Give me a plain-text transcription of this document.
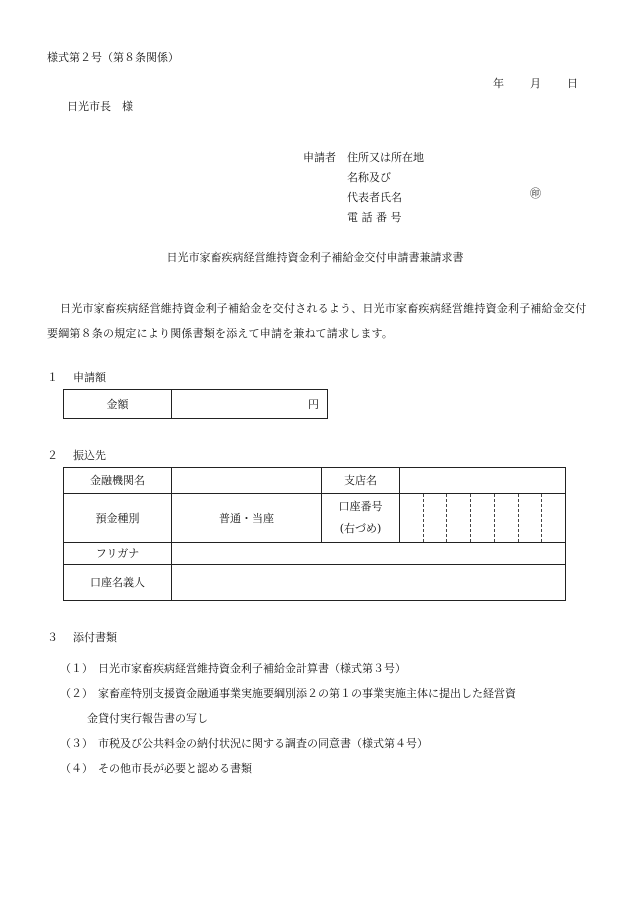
様式第２号（第８条関係）
年 月 日
日光市長　様
申請者 住所又は所在地
名称及び
代表者氏名
電 話 番 号
㊞
日光市家畜疾病経営維持資金利子補給金交付申請書兼請求書
日光市家畜疾病経営維持資金利子補給金を交付されるよう、日光市家畜疾病経営維持資金利子補給金交付要綱第８条の規定により関係書類を添えて申請を兼ねて請求します。
１ 申請額
金額	円
２ 振込先
金融機関名		支店名	
預金種別	普通・当座	口座番号
(右づめ)	

フリガナ			
口座名義人			
３ 添付書類
（１） 日光市家畜疾病経営維持資金利子補給金計算書（様式第３号）
（２） 家畜産特別支援資金融通事業実施要綱別添２の第１の事業実施主体に提出した経営資
金貸付実行報告書の写し
（３） 市税及び公共料金の納付状況に関する調査の同意書（様式第４号）
（４） その他市長が必要と認める書類
